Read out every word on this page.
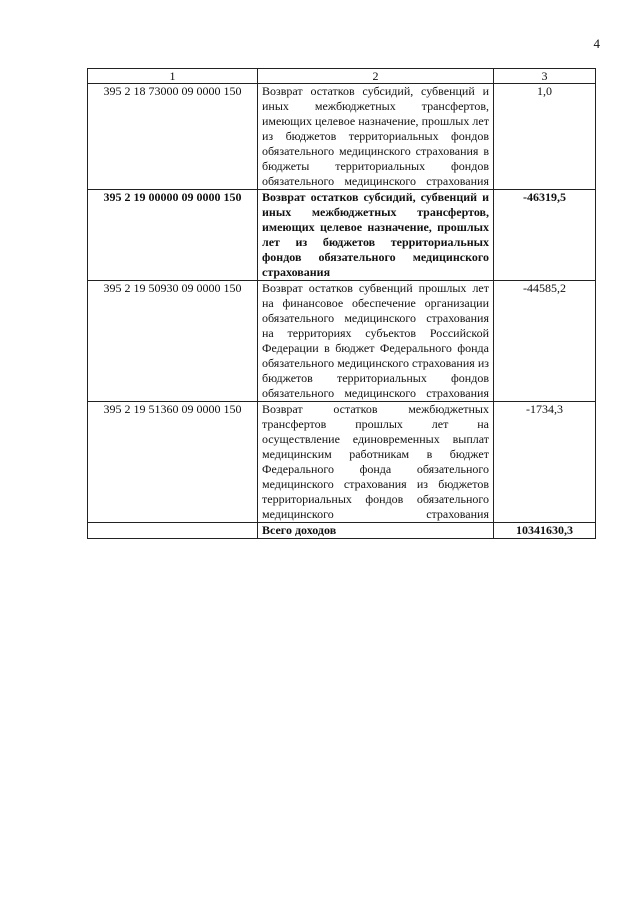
4
1	2	3
395 2 18 73000 09 0000 150	Возврат остатков субсидий, субвенций и иных межбюджетных трансфертов, имеющих целевое назначение, прошлых лет из бюджетов территориальных фондов обязательного медицинского страхования в бюджеты территориальных фондов обязательного медицинского страхования	1,0
395 2 19 00000 09 0000 150	Возврат остатков субсидий, субвенций и иных межбюджетных трансфертов, имеющих целевое назначение, прошлых лет из бюджетов территориальных фондов обязательного медицинского страхования	-46319,5
395 2 19 50930 09 0000 150	Возврат остатков субвенций прошлых лет на финансовое обеспечение организации обязательного медицинского страхования на территориях субъектов Российской Федерации в бюджет Федерального фонда обязательного медицинского страхования из бюджетов территориальных фондов обязательного медицинского страхования	-44585,2
395 2 19 51360 09 0000 150	Возврат остатков межбюджетных трансфертов прошлых лет на осуществление единовременных выплат медицинским работникам в бюджет Федерального фонда обязательного медицинского страхования из бюджетов территориальных фондов обязательного медицинского страхования	-1734,3
	Всего доходов	10341630,3
